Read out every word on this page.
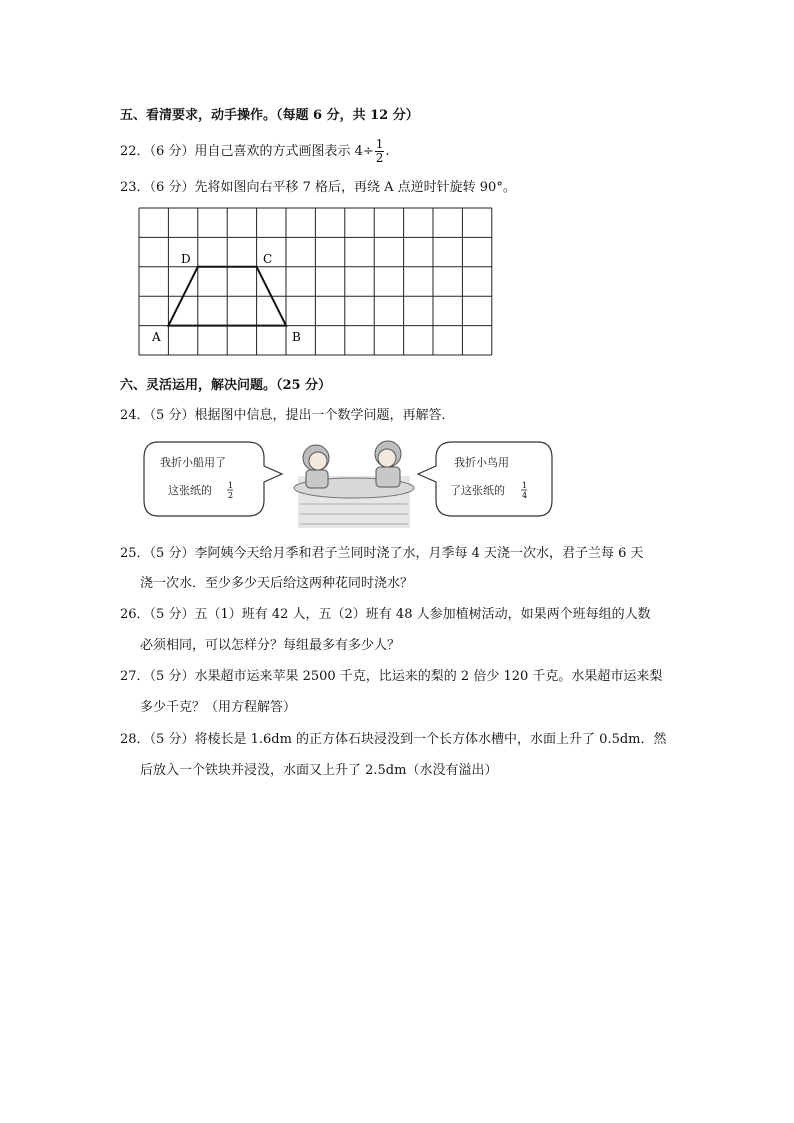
五、看清要求，动手操作。（每题 6 分，共 12 分）
22．（6 分）用自己喜欢的方式画图表示 $4\div \frac{1}{2}$ .
23．（6 分）先将如图向右平移 7 格后，再绕 A 点逆时针旋转 90°。
A	B
C
D
六、灵活运用，解决问题。（25 分）
24．（5 分）根据图中信息，提出一个数学问题，再解答．
我折小船用了
这张纸的 1
2
我折小鸟用
了这张纸的 1
4
25．（5 分）李阿姨今天给月季和君子兰同时浇了水，月季每 4 天浇一次水，君子兰每 6 天
浇一次水．至少多少天后给这两种花同时浇水？
26．（5 分）五（1）班有 42 人，五（2）班有 48 人参加植树活动，如果两个班每组的人数
必须相同，可以怎样分？每组最多有多少人？
27．（5 分）水果超市运来苹果 2500 千克，比运来的梨的 2 倍少 120 千克。水果超市运来梨
多少千克？（用方程解答）
28．（5 分）将棱长是 1.6dm 的正方体石块浸没到一个长方体水槽中，水面上升了 0.5dm．然
后放入一个铁块并浸没，水面又上升了 2.5dm（水没有溢出）
